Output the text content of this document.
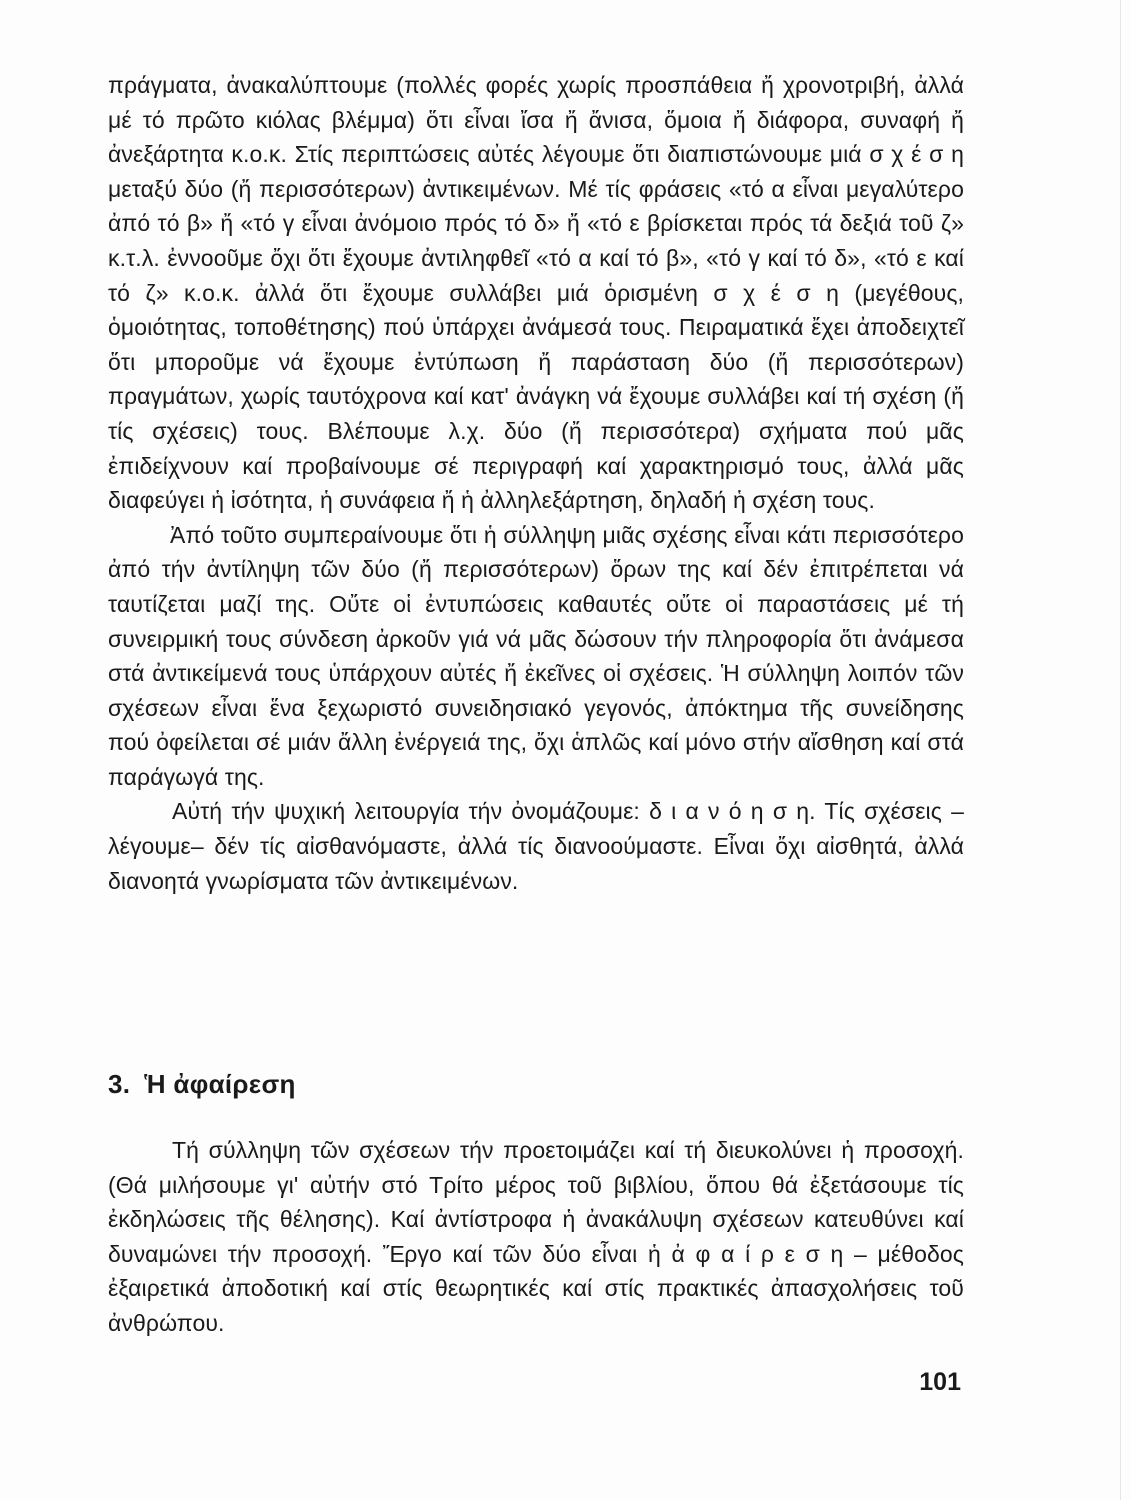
πράγματα, ἀνακαλύπτουμε (πολλές φορές χωρίς προσπάθεια ἤ χρονοτριβή, ἀλλά μέ τό πρῶτο κιόλας βλέμμα) ὅτι εἶναι ἴσα ἤ ἄνισα, ὅμοια ἤ διάφορα, συναφή ἤ ἀνεξάρτητα κ.ο.κ. Στίς περιπτώσεις αὐτές λέγουμε ὅτι διαπιστώνουμε μιά σ χ έ σ η μεταξύ δύο (ἤ περισσότερων) ἀντικειμένων. Μέ τίς φράσεις «τό α εἶναι μεγαλύτερο ἀπό τό β» ἤ «τό γ εἶναι ἀνόμοιο πρός τό δ» ἤ «τό ε βρίσκεται πρός τά δεξιά τοῦ ζ» κ.τ.λ. ἐννοοῦμε ὄχι ὅτι ἔχουμε ἀντιληφθεῖ «τό α καί τό β», «τό γ καί τό δ», «τό ε καί τό ζ» κ.ο.κ. ἀλλά ὅτι ἔχουμε συλλάβει μιά ὁρισμένη σ χ έ σ η (μεγέθους, ὁμοιότητας, τοποθέτησης) πού ὑπάρχει ἀνάμεσά τους. Πειραματικά ἔχει ἀποδειχτεῖ ὅτι μποροῦμε νά ἔχουμε ἐντύπωση ἤ παράσταση δύο (ἤ περισσότερων) πραγμάτων, χωρίς ταυτόχρονα καί κατ' ἀνάγκη νά ἔχουμε συλλάβει καί τή σχέση (ἤ τίς σχέσεις) τους. Βλέπουμε λ.χ. δύο (ἤ περισσότερα) σχήματα πού μᾶς ἐπιδείχνουν καί προβαίνουμε σέ περιγραφή καί χαρακτηρισμό τους, ἀλλά μᾶς διαφεύγει ἡ ἰσότητα, ἡ συνάφεια ἤ ἡ ἀλληλεξάρτηση, δηλαδή ἡ σχέση τους.

Ἀπό τοῦτο συμπεραίνουμε ὅτι ἡ σύλληψη μιᾶς σχέσης εἶναι κάτι περισσότερο ἀπό τήν ἀντίληψη τῶν δύο (ἤ περισσότερων) ὅρων της καί δέν ἐπιτρέπεται νά ταυτίζεται μαζί της. Οὔτε οἱ ἐντυπώσεις καθαυτές οὔτε οἱ παραστάσεις μέ τή συνειρμική τους σύνδεση ἀρκοῦν γιά νά μᾶς δώσουν τήν πληροφορία ὅτι ἀνάμεσα στά ἀντικείμενά τους ὑπάρχουν αὐτές ἤ ἐκεῖνες οἱ σχέσεις. Ἡ σύλληψη λοιπόν τῶν σχέσεων εἶναι ἕνα ξεχωριστό συνειδησιακό γεγονός, ἀπόκτημα τῆς συνείδησης πού ὀφείλεται σέ μιάν ἄλλη ἐνέργειά της, ὄχι ἁπλῶς καί μόνο στήν αἴσθηση καί στά παράγωγά της.

Αὐτή τήν ψυχική λειτουργία τήν ὀνομάζουμε: δ ι α ν ό η σ η. Τίς σχέσεις –λέγουμε– δέν τίς αἰσθανόμαστε, ἀλλά τίς διανοούμαστε. Εἶναι ὄχι αἰσθητά, ἀλλά διανοητά γνωρίσματα τῶν ἀντικειμένων.

3. Ἡ ἀφαίρεση

Τή σύλληψη τῶν σχέσεων τήν προετοιμάζει καί τή διευκολύνει ἡ προσοχή. (Θά μιλήσουμε γι' αὐτήν στό Τρίτο μέρος τοῦ βιβλίου, ὅπου θά ἐξετάσουμε τίς ἐκδηλώσεις τῆς θέλησης). Καί ἀντίστροφα ἡ ἀνακάλυψη σχέσεων κατευθύνει καί δυναμώνει τήν προσοχή. Ἔργο καί τῶν δύο εἶναι ἡ ἀ φ α ί ρ ε σ η – μέθοδος ἐξαιρετικά ἀποδοτική καί στίς θεωρητικές καί στίς πρακτικές ἀπασχολήσεις τοῦ ἀνθρώπου.

101
